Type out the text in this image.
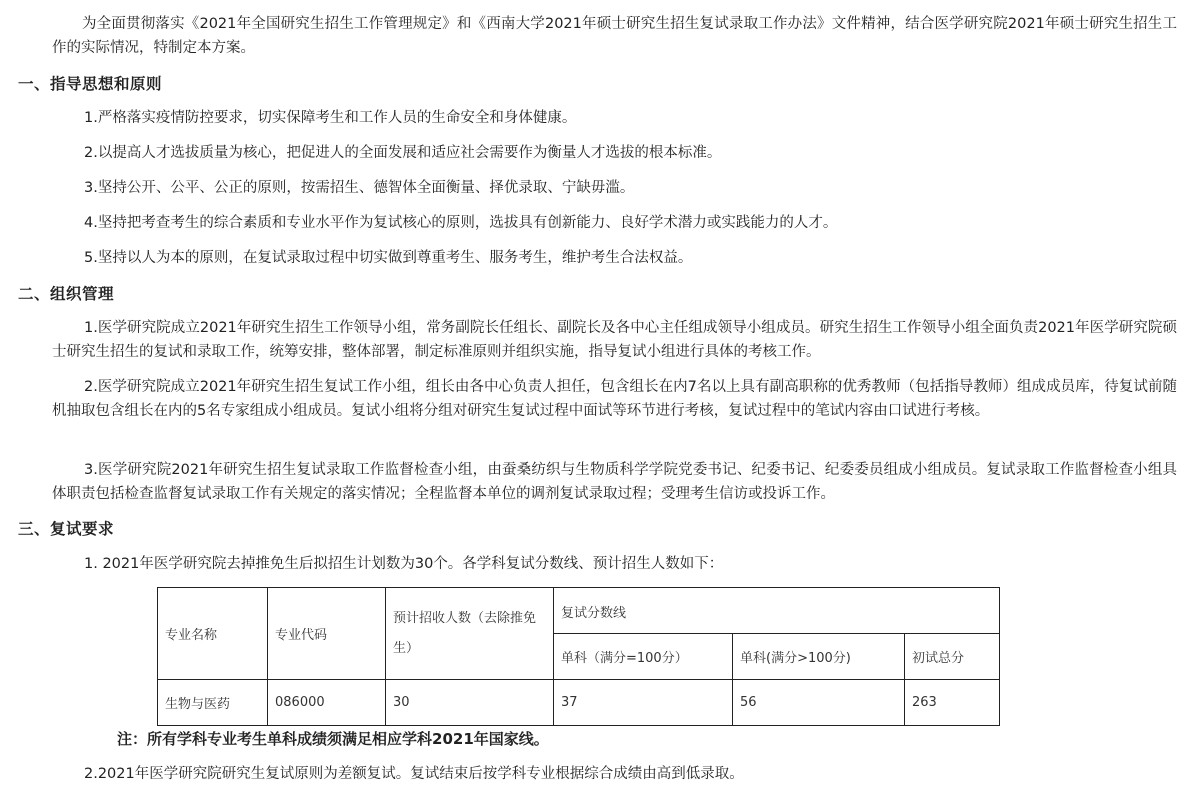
为全面贯彻落实《2021年全国研究生招生工作管理规定》和《西南大学2021年硕士研究生招生复试录取工作办法》文件精神，结合医学研究院2021年硕士研究生招生工作的实际情况，特制定本方案。

一、指导思想和原则

1.严格落实疫情防控要求，切实保障考生和工作人员的生命安全和身体健康。

2.以提高人才选拔质量为核心，把促进人的全面发展和适应社会需要作为衡量人才选拔的根本标准。

3.坚持公开、公平、公正的原则，按需招生、德智体全面衡量、择优录取、宁缺毋滥。

4.坚持把考查考生的综合素质和专业水平作为复试核心的原则，选拔具有创新能力、良好学术潜力或实践能力的人才。

5.坚持以人为本的原则，在复试录取过程中切实做到尊重考生、服务考生，维护考生合法权益。

二、组织管理

1.医学研究院成立2021年研究生招生工作领导小组，常务副院长任组长、副院长及各中心主任组成领导小组成员。研究生招生工作领导小组全面负责2021年医学研究院硕士研究生招生的复试和录取工作，统筹安排，整体部署，制定标准原则并组织实施，指导复试小组进行具体的考核工作。

2.医学研究院成立2021年研究生招生复试工作小组，组长由各中心负责人担任，包含组长在内7名以上具有副高职称的优秀教师（包括指导教师）组成成员库，待复试前随机抽取包含组长在内的5名专家组成小组成员。复试小组将分组对研究生复试过程中面试等环节进行考核，复试过程中的笔试内容由口试进行考核。

3.医学研究院2021年研究生招生复试录取工作监督检查小组，由蚕桑纺织与生物质科学学院党委书记、纪委书记、纪委委员组成小组成员。复试录取工作监督检查小组具体职责包括检查监督复试录取工作有关规定的落实情况；全程监督本单位的调剂复试录取过程；受理考生信访或投诉工作。

三、复试要求

1. 2021年医学研究院去掉推免生后拟招生计划数为30个。各学科复试分数线、预计招生人数如下：

专业名称	专业代码	预计招收人数（去除推免生）	复试分数线		
			单科（满分=100分）	单科(满分>100分)	初试总分
生物与医药	086000	30	37	56	263

注：所有学科专业考生单科成绩须满足相应学科2021年国家线。

2.2021年医学研究院研究生复试原则为差额复试。复试结束后按学科专业根据综合成绩由高到低录取。
